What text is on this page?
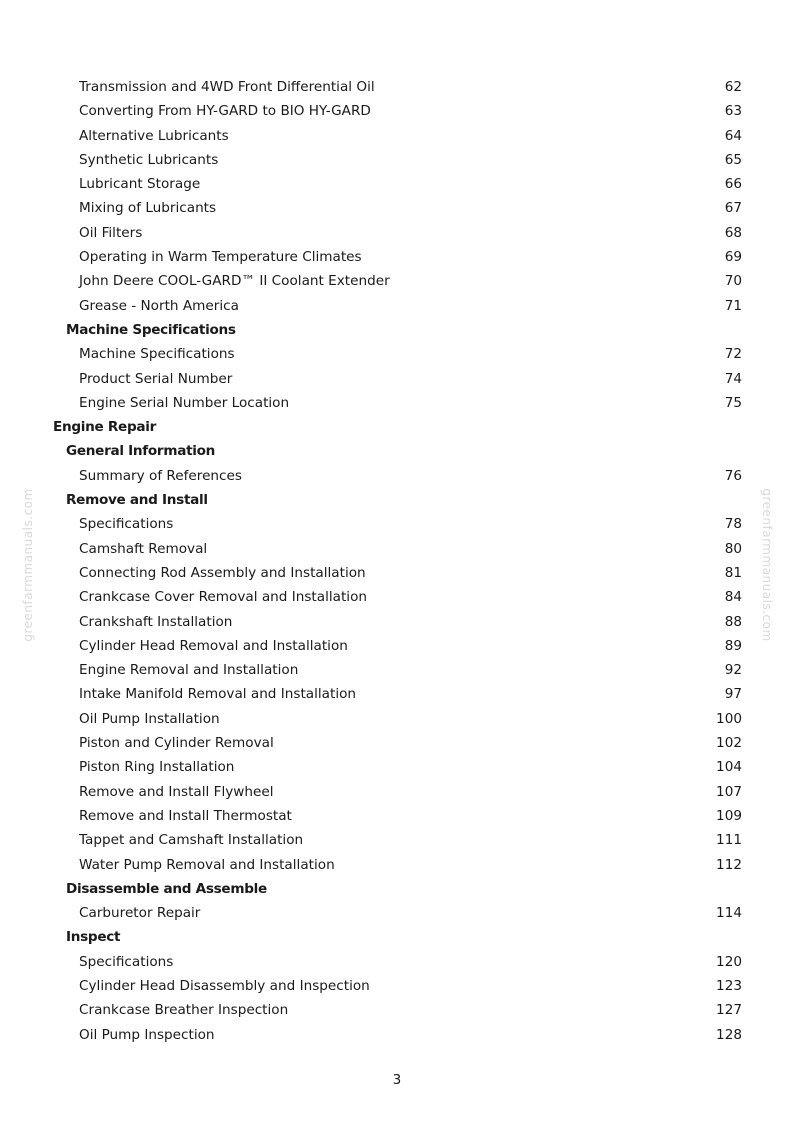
greenfarmmanuals.com	greenfarmmanuals.com
Transmission and 4WD Front Differential Oil	62
Converting From HY-GARD to BIO HY-GARD	63
Alternative Lubricants	64
Synthetic Lubricants	65
Lubricant Storage	66
Mixing of Lubricants	67
Oil Filters	68
Operating in Warm Temperature Climates	69
John Deere COOL-GARD™ II Coolant Extender	70
Grease - North America	71
Machine Specifications
Machine Specifications	72
Product Serial Number	74
Engine Serial Number Location	75
Engine Repair
General Information
Summary of References	76
Remove and Install
Specifications	78
Camshaft Removal	80
Connecting Rod Assembly and Installation	81
Crankcase Cover Removal and Installation	84
Crankshaft Installation	88
Cylinder Head Removal and Installation	89
Engine Removal and Installation	92
Intake Manifold Removal and Installation	97
Oil Pump Installation	100
Piston and Cylinder Removal	102
Piston Ring Installation	104
Remove and Install Flywheel	107
Remove and Install Thermostat	109
Tappet and Camshaft Installation	111
Water Pump Removal and Installation	112
Disassemble and Assemble
Carburetor Repair	114
Inspect
Specifications	120
Cylinder Head Disassembly and Inspection	123
Crankcase Breather Inspection	127
Oil Pump Inspection	128
3
